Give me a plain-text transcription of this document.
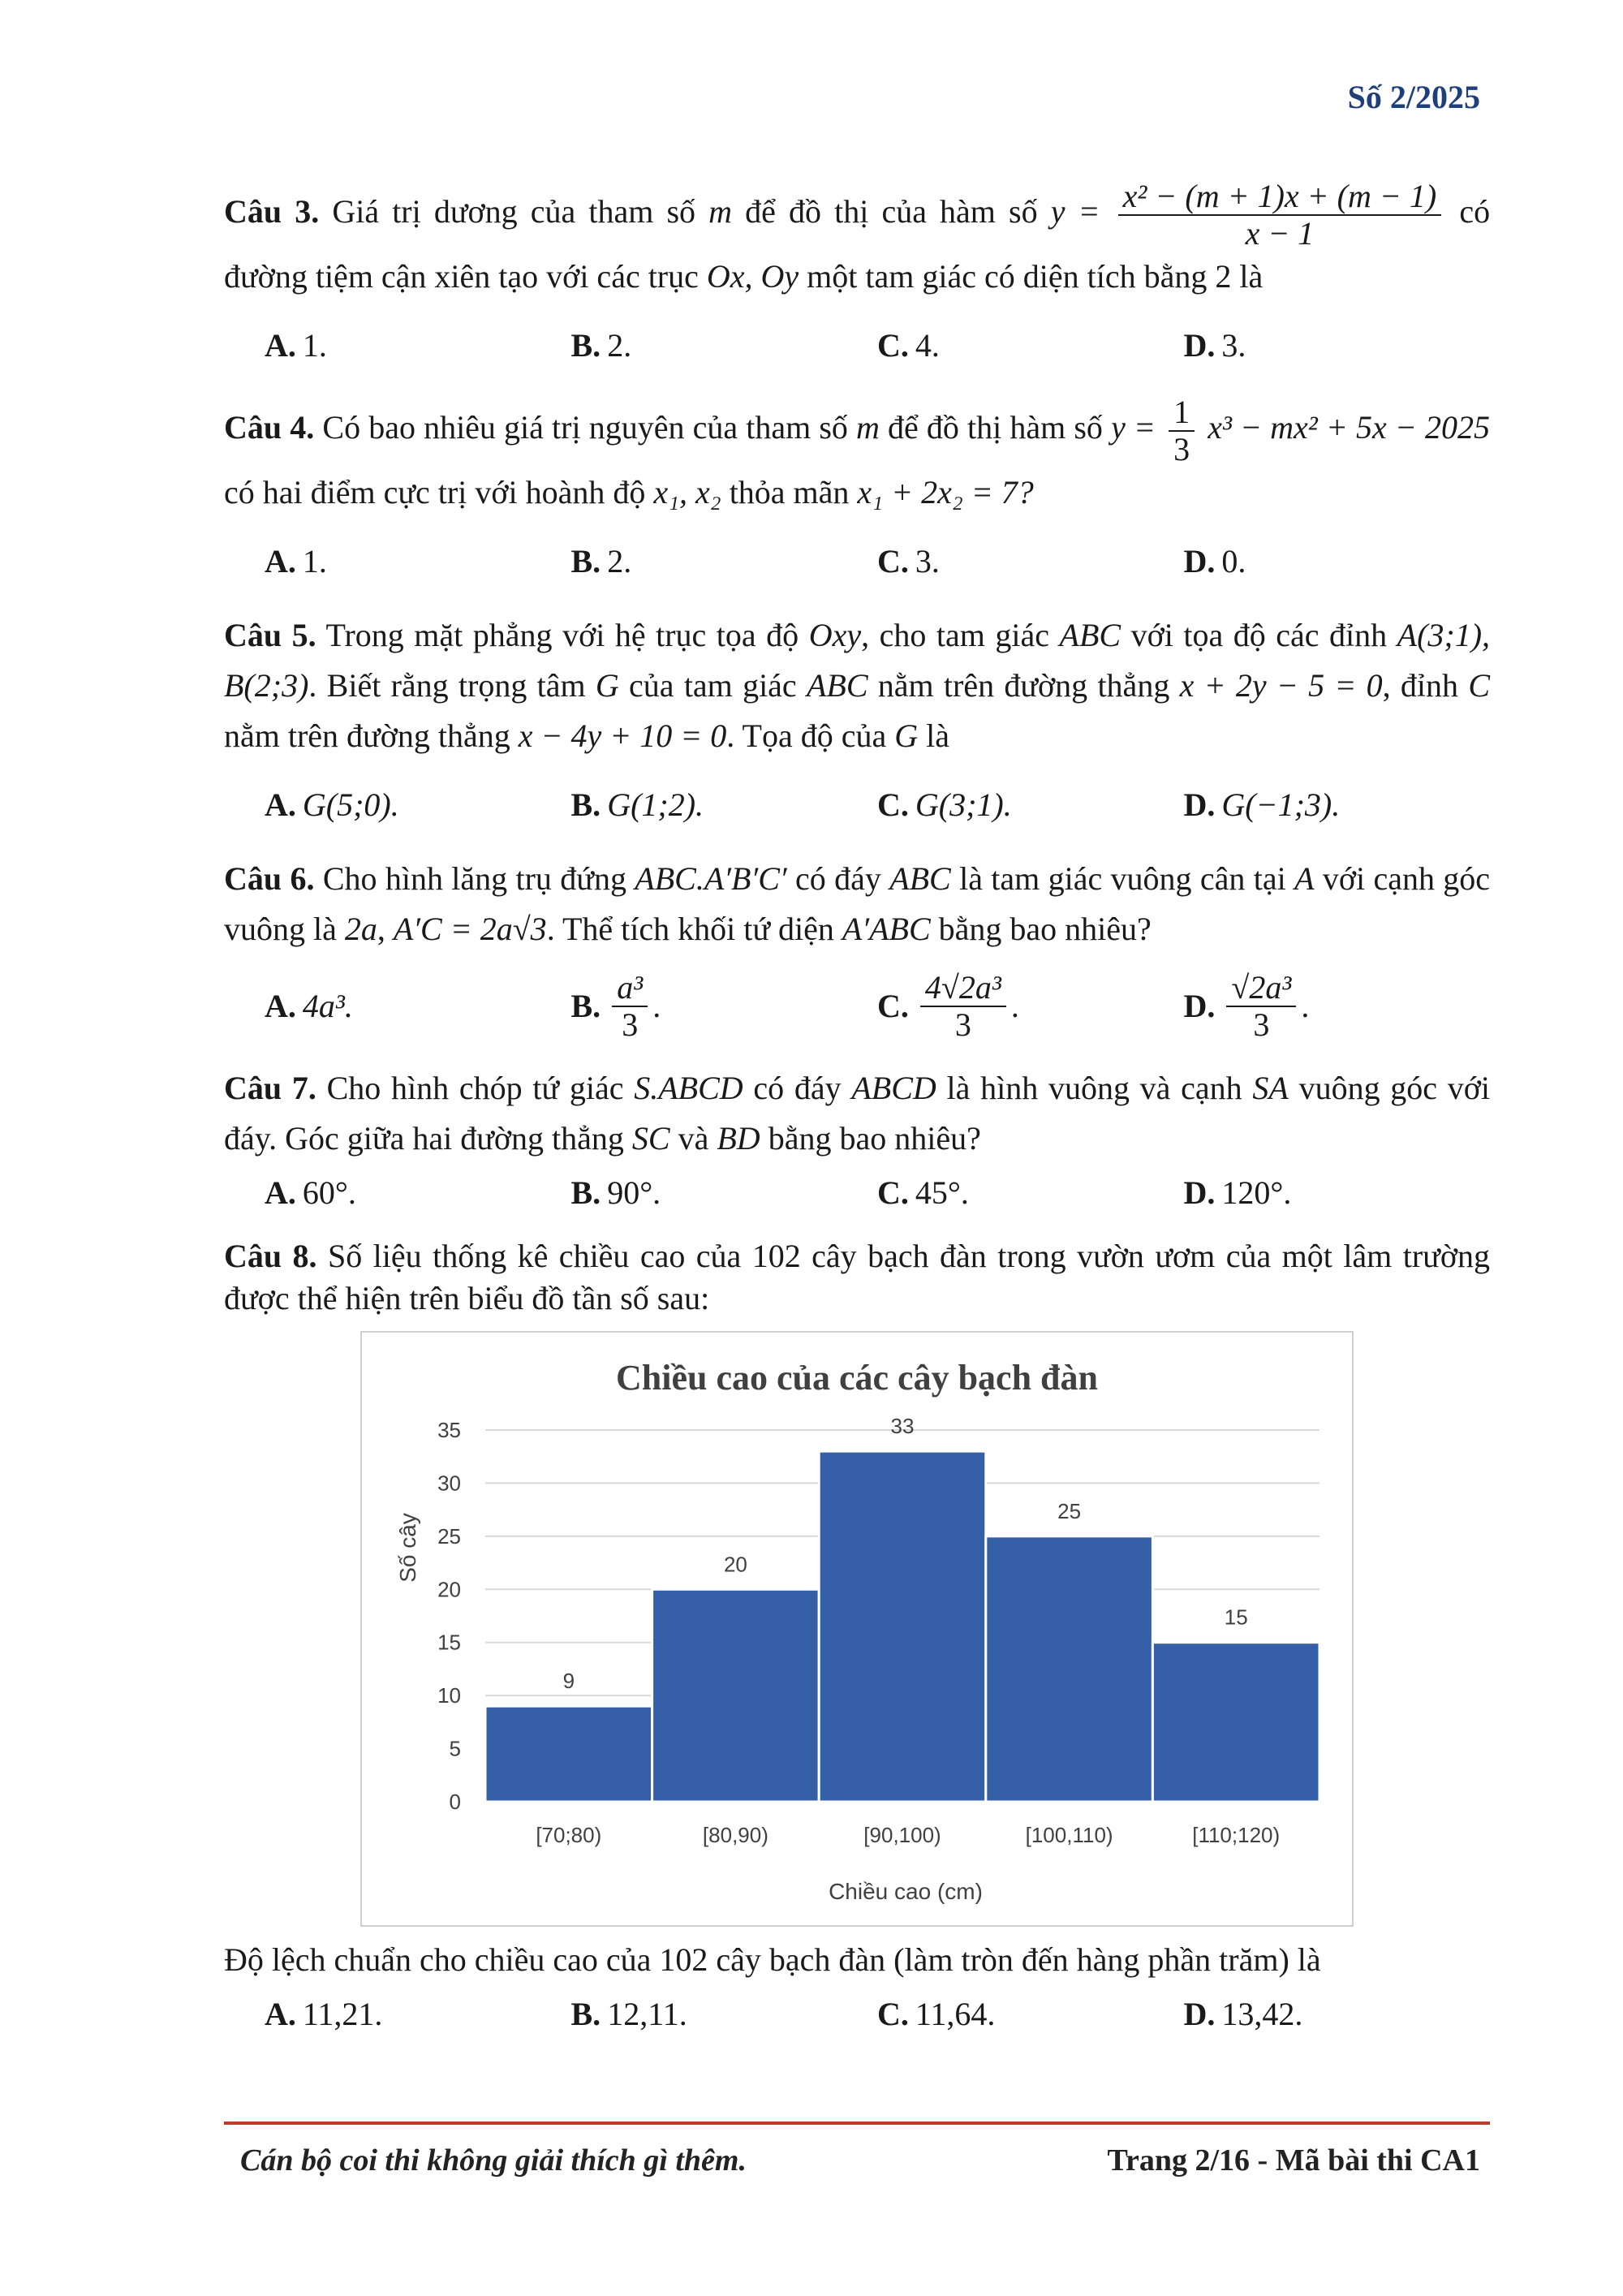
Số 2/2025

Câu 3. Giá trị dương của tham số m để đồ thị của hàm số $y = \frac{\text{x² − (m + 1)x + (m − 1)}}{x - 1}$ có đường tiệm cận xiên tạo với các trục Ox, Oy một tam giác có diện tích bằng 2 là

A. 1.	B. 2.	C. 4.	D. 3.

Câu 4. Có bao nhiêu giá trị nguyên của tham số m để đồ thị hàm số $y = \frac{1}{3} x^3 - mx^2 + 5x - 2025$ có hai điểm cực trị với hoành độ x₁, x₂ thỏa mãn x₁ + 2x₂ = 7?

A. 1.	B. 2.	C. 3.	D. 0.

Câu 5. Trong mặt phẳng với hệ trục tọa độ Oxy, cho tam giác ABC với tọa độ các đỉnh A(3;1), B(2;3). Biết rằng trọng tâm G của tam giác ABC nằm trên đường thẳng x + 2y − 5 = 0, đỉnh C nằm trên đường thẳng x − 4y + 10 = 0. Tọa độ của G là

A. G(5;0).	B. G(1;2).	C. G(3;1).	D. G(−1;3).

Câu 6. Cho hình lăng trụ đứng ABC.A′B′C′ có đáy ABC là tam giác vuông cân tại A với cạnh góc vuông là 2a, A′C = 2a√3. Thể tích khối tứ diện A′ABC bằng bao nhiêu?

A. 4a³.	B. $\frac{\text{a³}}{3}$ .	C. $\frac{\text{4√2a³}}{3}$ .	D. $\frac{\text{√2a³}}{3}$ .

Câu 7. Cho hình chóp tứ giác S.ABCD có đáy ABCD là hình vuông và cạnh SA vuông góc với đáy. Góc giữa hai đường thẳng SC và BD bằng bao nhiêu?

A. 60°.	B. 90°.	C. 45°.	D. 120°.

Câu 8. Số liệu thống kê chiều cao của 102 cây bạch đàn trong vườn ươm của một lâm trường được thể hiện trên biểu đồ tần số sau:

Chiều cao của các cây bạch đàn
0
5
10
15
20
25
30
35
9
[70;80)
20
[80,90)
33
[90,100)
25
[100,110)
15
[110;120)
Số cây
Chiều cao (cm)

Độ lệch chuẩn cho chiều cao của 102 cây bạch đàn (làm tròn đến hàng phần trăm) là

A. 11,21.	B. 12,11.	C. 11,64.	D. 13,42.
Cán bộ coi thi không giải thích gì thêm.	Trang 2/16 - Mã bài thi CA1
